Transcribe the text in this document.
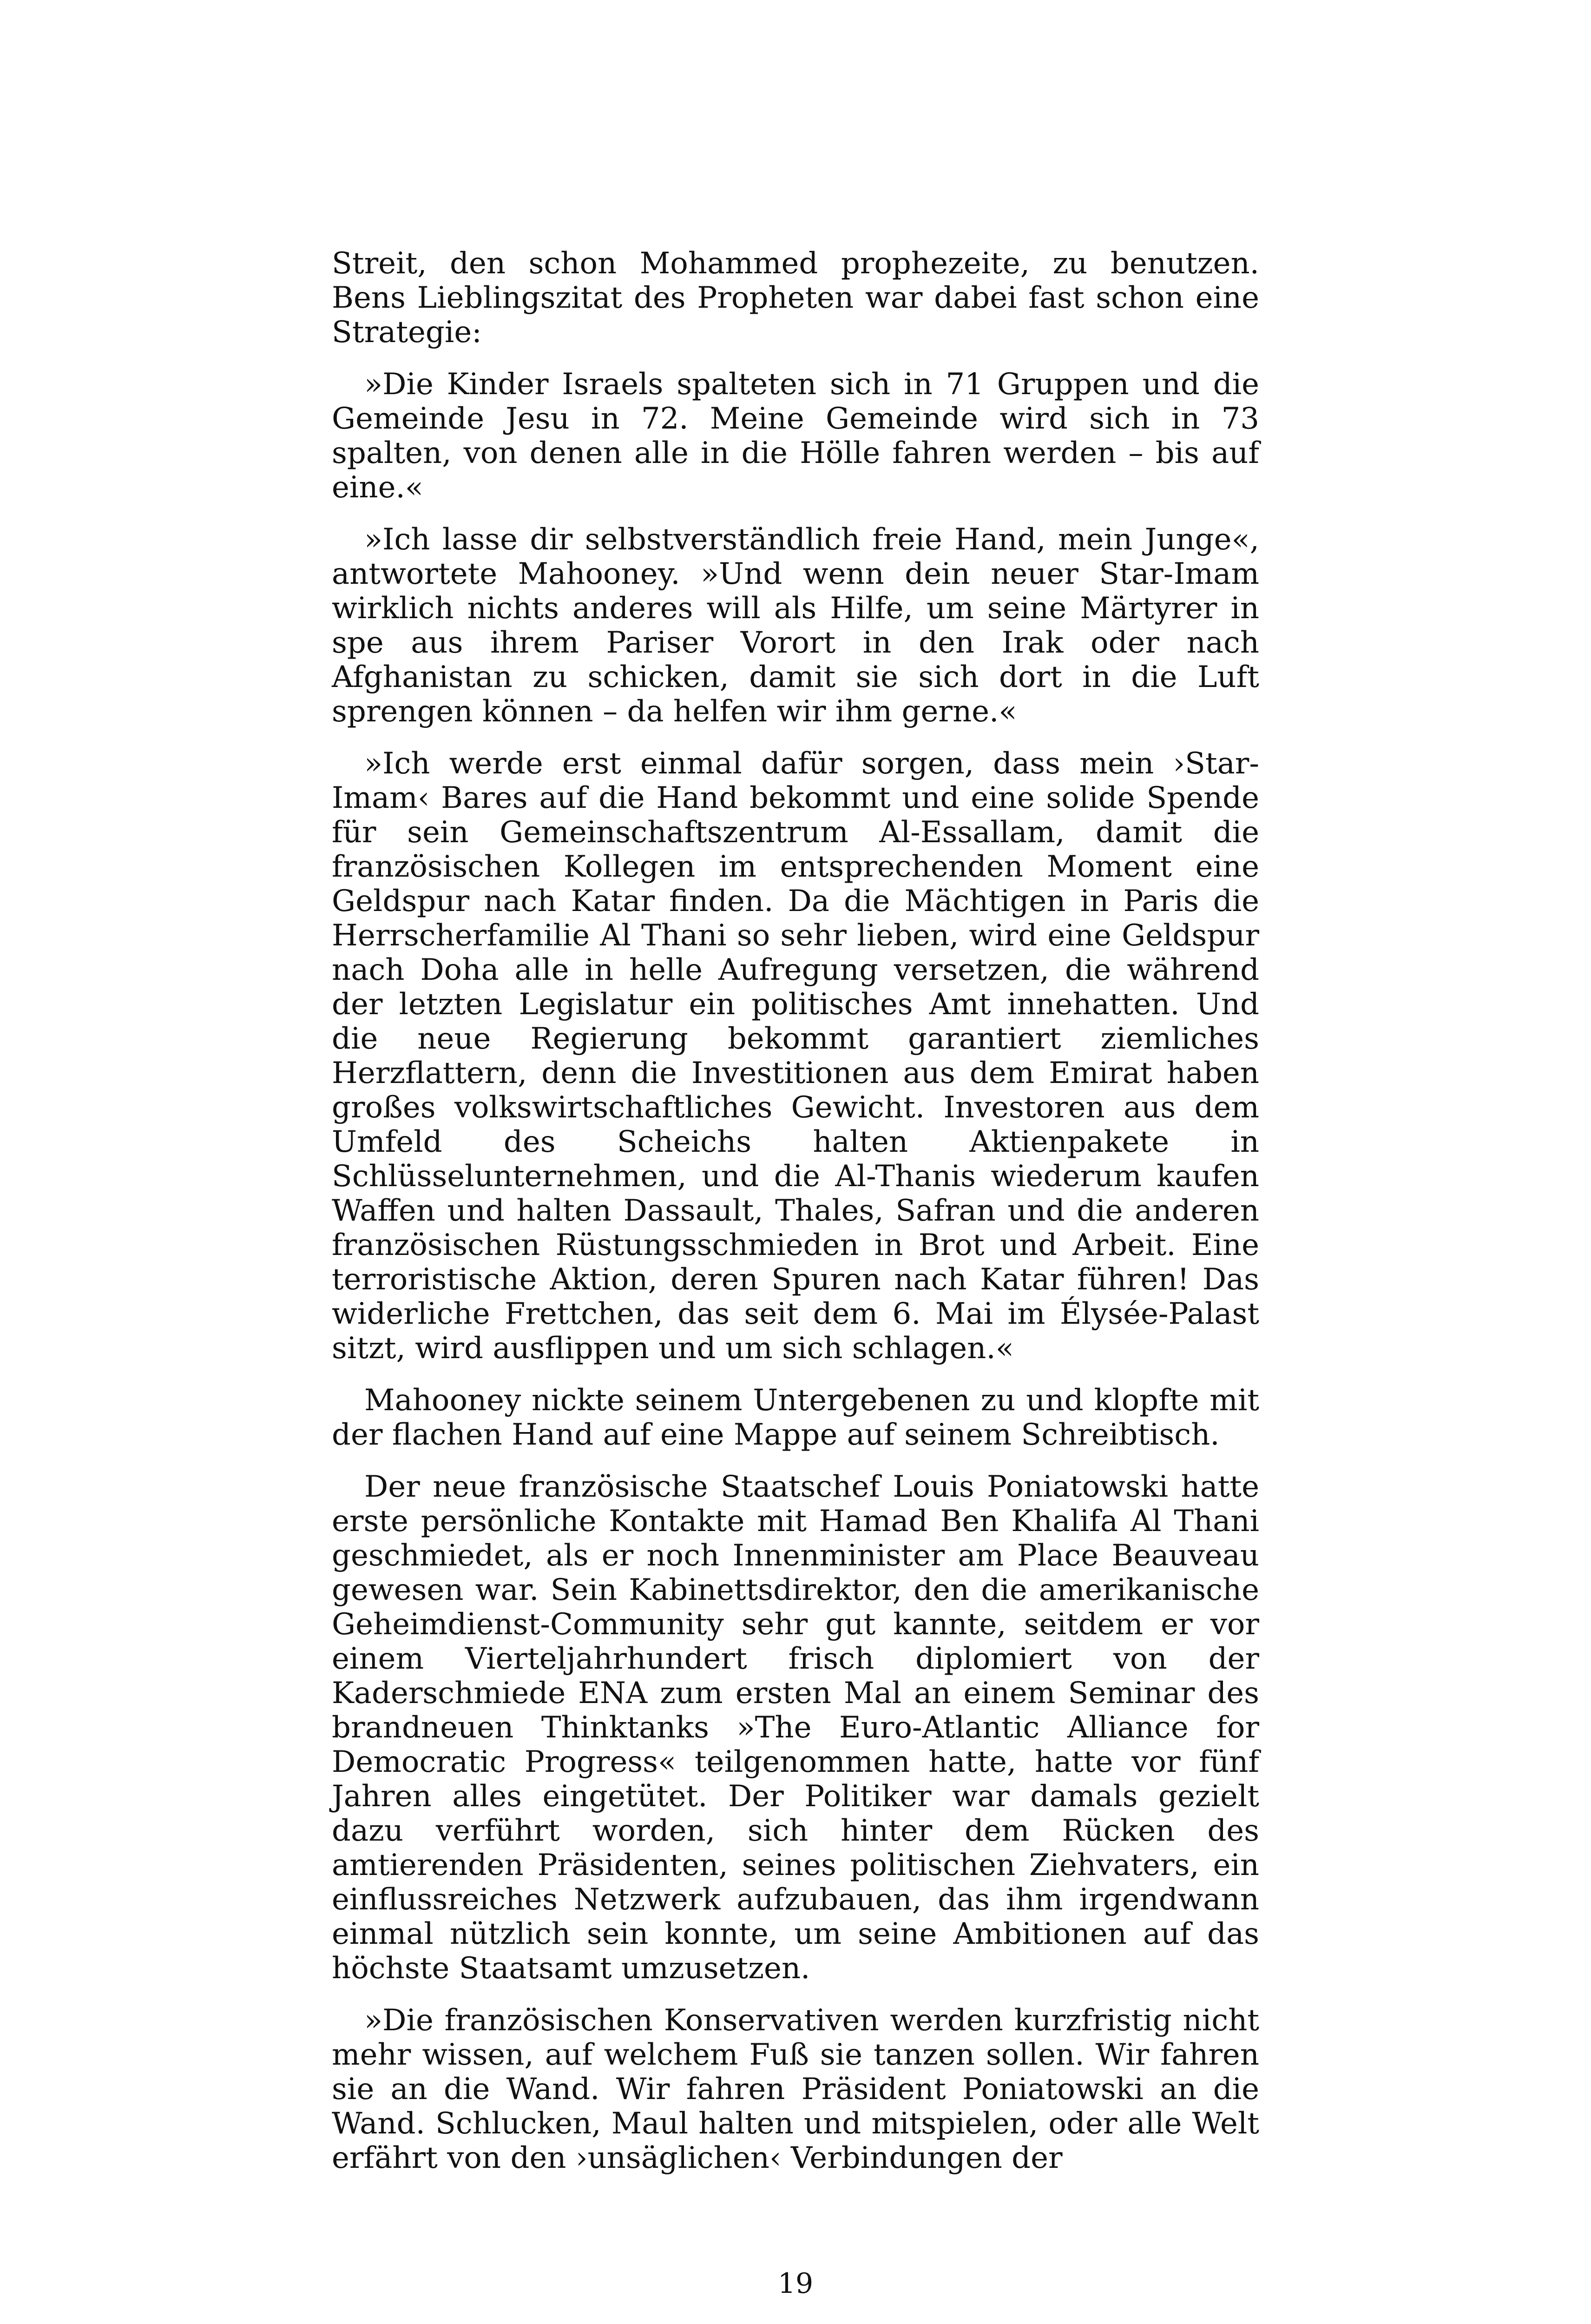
Streit, den schon Mohammed prophezeite, zu benutzen. Bens Lieblingszitat des Propheten war dabei fast schon eine Strategie:

»Die Kinder Israels spalteten sich in 71 Gruppen und die Gemeinde Jesu in 72. Meine Gemeinde wird sich in 73 spalten, von denen alle in die Hölle fahren werden – bis auf eine.«

»Ich lasse dir selbstverständlich freie Hand, mein Junge«, antwortete Mahooney. »Und wenn dein neuer Star-Imam wirklich nichts anderes will als Hilfe, um seine Märtyrer in spe aus ihrem Pariser Vorort in den Irak oder nach Afghanistan zu schicken, damit sie sich dort in die Luft sprengen können – da helfen wir ihm gerne.«

»Ich werde erst einmal dafür sorgen, dass mein ›Star-Imam‹ Bares auf die Hand bekommt und eine solide Spende für sein Gemeinschaftszentrum Al-Essallam, damit die französischen Kollegen im entsprechenden Moment eine Geldspur nach Katar finden. Da die Mächtigen in Paris die Herrscherfamilie Al Thani so sehr lieben, wird eine Geldspur nach Doha alle in helle Aufregung versetzen, die während der letzten Legislatur ein politisches Amt innehatten. Und die neue Regierung bekommt garantiert ziemliches Herzflattern, denn die Investitionen aus dem Emirat haben großes volkswirtschaftliches Gewicht. Investoren aus dem Umfeld des Scheichs halten Aktienpakete in Schlüsselunternehmen, und die Al-Thanis wiederum kaufen Waffen und halten Dassault, Thales, Safran und die anderen französischen Rüstungsschmieden in Brot und Arbeit. Eine terroristische Aktion, deren Spuren nach Katar führen! Das widerliche Frettchen, das seit dem 6. Mai im Élysée-Palast sitzt, wird ausflippen und um sich schlagen.«

Mahooney nickte seinem Untergebenen zu und klopfte mit der flachen Hand auf eine Mappe auf seinem Schreibtisch.

Der neue französische Staatschef Louis Poniatowski hatte erste persönliche Kontakte mit Hamad Ben Khalifa Al Thani geschmiedet, als er noch Innenminister am Place Beauveau gewesen war. Sein Kabinettsdirektor, den die amerikanische Geheimdienst-Community sehr gut kannte, seitdem er vor einem Vierteljahrhundert frisch diplomiert von der Kaderschmiede ENA zum ersten Mal an einem Seminar des brandneuen Thinktanks »The Euro-Atlantic Alliance for Democratic Progress« teilgenommen hatte, hatte vor fünf Jahren alles eingetütet. Der Politiker war damals gezielt dazu verführt worden, sich hinter dem Rücken des amtierenden Präsidenten, seines politischen Ziehvaters, ein einflussreiches Netzwerk aufzubauen, das ihm irgendwann einmal nützlich sein konnte, um seine Ambitionen auf das höchste Staatsamt umzusetzen.

»Die französischen Konservativen werden kurzfristig nicht mehr wissen, auf welchem Fuß sie tanzen sollen. Wir fahren sie an die Wand. Wir fahren Präsident Poniatowski an die Wand. Schlucken, Maul halten und mitspielen, oder alle Welt erfährt von den ›unsäglichen‹ Verbindungen der

19
